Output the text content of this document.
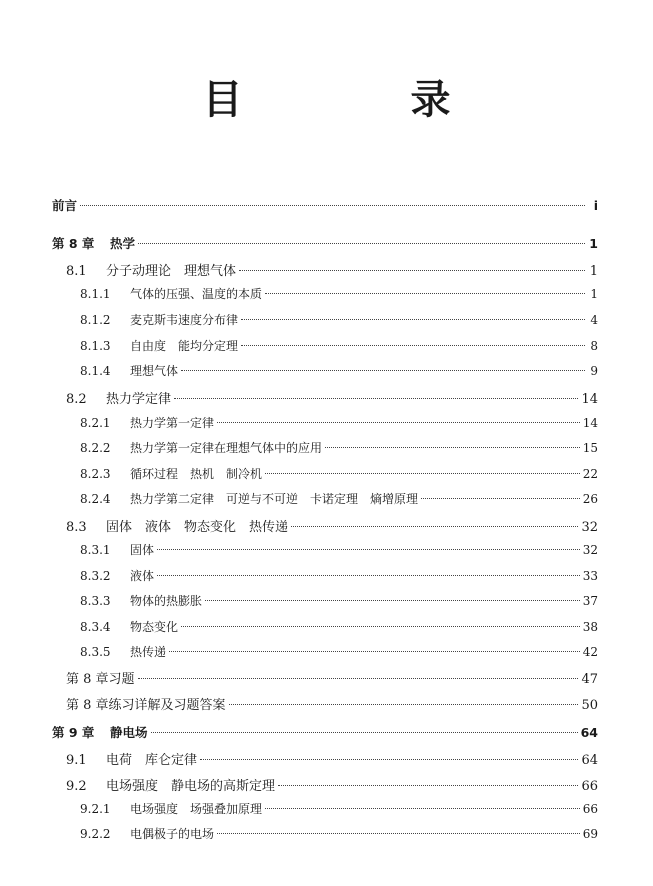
目　录
前言	i
第 8 章 热学	1
8.1 分子动理论　理想气体	1
8.1.1 气体的压强、温度的本质	1
8.1.2 麦克斯韦速度分布律	4
8.1.3 自由度　能均分定理	8
8.1.4 理想气体	9
8.2 热力学定律	14
8.2.1 热力学第一定律	14
8.2.2 热力学第一定律在理想气体中的应用	15
8.2.3 循环过程　热机　制冷机	22
8.2.4 热力学第二定律　可逆与不可逆　卡诺定理　熵增原理	26
8.3 固体　液体　物态变化　热传递	32
8.3.1 固体	32
8.3.2 液体	33
8.3.3 物体的热膨胀	37
8.3.4 物态变化	38
8.3.5 热传递	42
第 8 章习题	47
第 8 章练习详解及习题答案	50
第 9 章 静电场	64
9.1 电荷　库仑定律	64
9.2 电场强度　静电场的高斯定理	66
9.2.1 电场强度　场强叠加原理	66
9.2.2 电偶极子的电场	69
